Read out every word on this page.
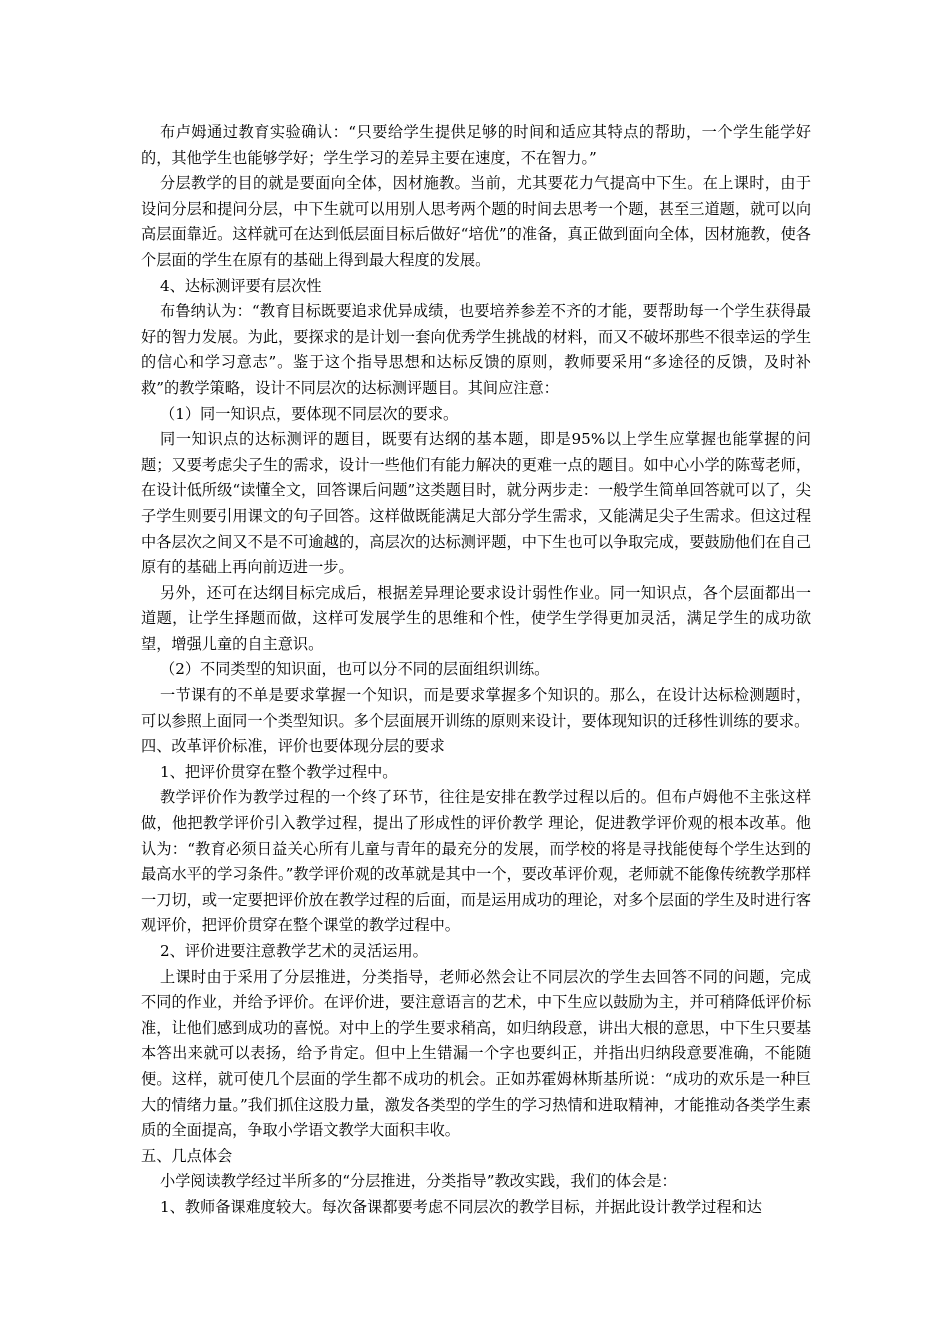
布卢姆通过教育实验确认：“只要给学生提供足够的时间和适应其特点的帮助，一个学生能学好的，其他学生也能够学好；学生学习的差异主要在速度，不在智力。”

分层教学的目的就是要面向全体，因材施教。当前，尤其要花力气提高中下生。在上课时，由于设问分层和提问分层，中下生就可以用别人思考两个题的时间去思考一个题，甚至三道题，就可以向高层面靠近。这样就可在达到低层面目标后做好“培优”的准备，真正做到面向全体，因材施教，使各个层面的学生在原有的基础上得到最大程度的发展。

4、达标测评要有层次性

布鲁纳认为：“教育目标既要追求优异成绩，也要培养参差不齐的才能，要帮助每一个学生获得最好的智力发展。为此，要探求的是计划一套向优秀学生挑战的材料，而又不破坏那些不很幸运的学生的信心和学习意志”。鉴于这个指导思想和达标反馈的原则，教师要采用“多途径的反馈，及时补救”的教学策略，设计不同层次的达标测评题目。其间应注意：

（1）同一知识点，要体现不同层次的要求。

同一知识点的达标测评的题目，既要有达纲的基本题，即是95%以上学生应掌握也能掌握的问题；又要考虑尖子生的需求，设计一些他们有能力解决的更难一点的题目。如中心小学的陈莺老师，在设计低所级“读懂全文，回答课后问题”这类题目时，就分两步走：一般学生简单回答就可以了，尖子学生则要引用课文的句子回答。这样做既能满足大部分学生需求，又能满足尖子生需求。但这过程中各层次之间又不是不可逾越的，高层次的达标测评题，中下生也可以争取完成，要鼓励他们在自己原有的基础上再向前迈进一步。

另外，还可在达纲目标完成后，根据差异理论要求设计弱性作业。同一知识点，各个层面都出一道题，让学生择题而做，这样可发展学生的思维和个性，使学生学得更加灵活，满足学生的成功欲望，增强儿童的自主意识。

（2）不同类型的知识面，也可以分不同的层面组织训练。

一节课有的不单是要求掌握一个知识，而是要求掌握多个知识的。那么，在设计达标检测题时，可以参照上面同一个类型知识。多个层面展开训练的原则来设计，要体现知识的迁移性训练的要求。

四、改革评价标准，评价也要体现分层的要求

1、把评价贯穿在整个教学过程中。

教学评价作为教学过程的一个终了环节，往往是安排在教学过程以后的。但布卢姆他不主张这样做，他把教学评价引入教学过程，提出了形成性的评价教学 理论，促进教学评价观的根本改革。他认为：“教育必须日益关心所有儿童与青年的最充分的发展，而学校的将是寻找能使每个学生达到的最高水平的学习条件。”教学评价观的改革就是其中一个，要改革评价观，老师就不能像传统教学那样一刀切，或一定要把评价放在教学过程的后面，而是运用成功的理论，对多个层面的学生及时进行客观评价，把评价贯穿在整个课堂的教学过程中。

2、评价进要注意教学艺术的灵活运用。

上课时由于采用了分层推进，分类指导，老师必然会让不同层次的学生去回答不同的问题，完成不同的作业，并给予评价。在评价进，要注意语言的艺术，中下生应以鼓励为主，并可稍降低评价标准，让他们感到成功的喜悦。对中上的学生要求稍高，如归纳段意，讲出大根的意思，中下生只要基本答出来就可以表扬，给予肯定。但中上生错漏一个字也要纠正，并指出归纳段意要准确，不能随便。这样，就可使几个层面的学生都不成功的机会。正如苏霍姆林斯基所说：“成功的欢乐是一种巨大的情绪力量。”我们抓住这股力量，激发各类型的学生的学习热情和进取精神，才能推动各类学生素质的全面提高，争取小学语文教学大面积丰收。

五、几点体会

小学阅读教学经过半所多的“分层推进，分类指导”教改实践，我们的体会是：

1、教师备课难度较大。每次备课都要考虑不同层次的教学目标，并据此设计教学过程和达
